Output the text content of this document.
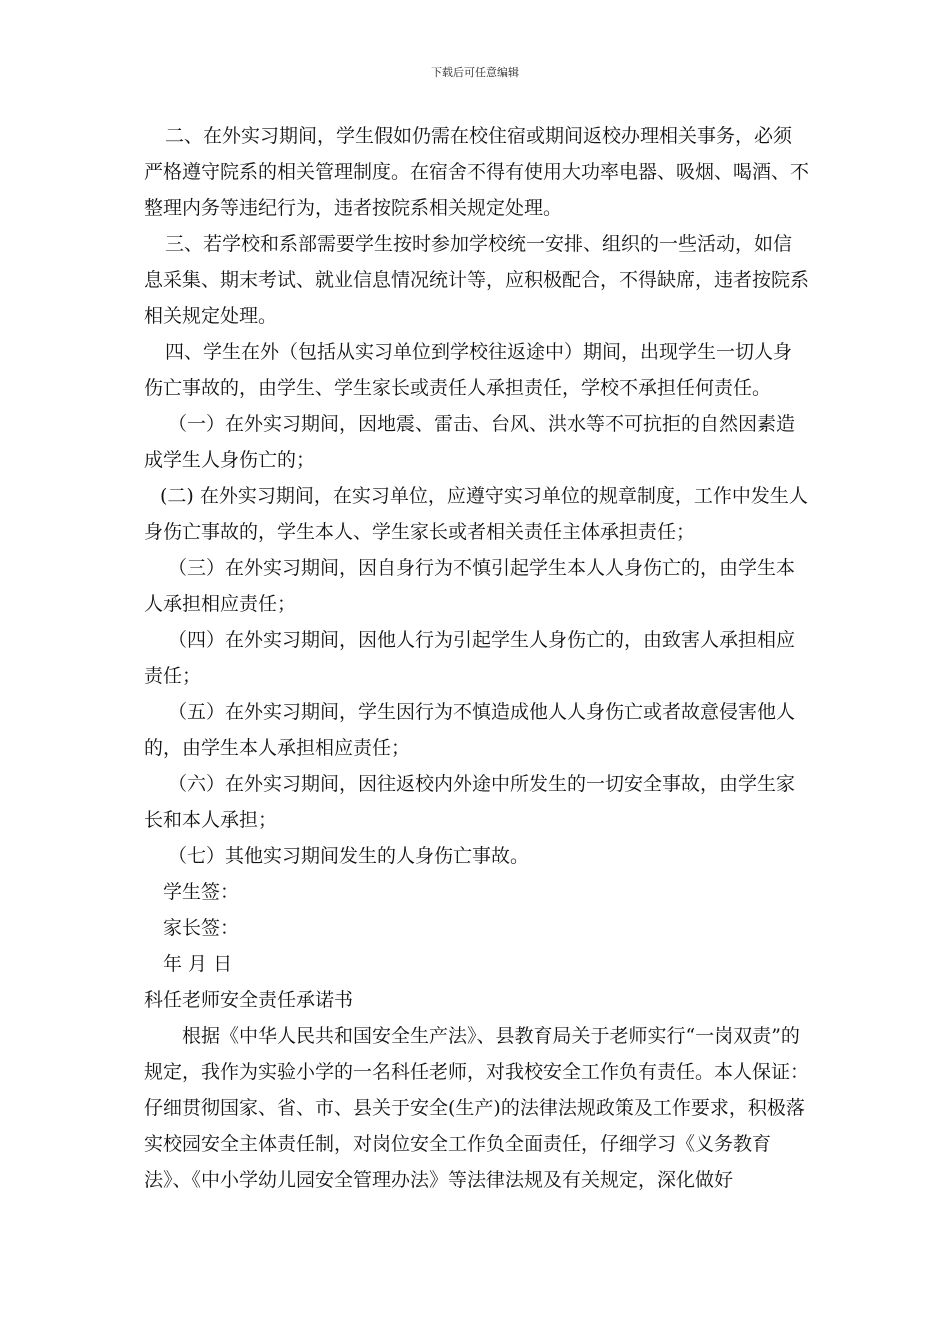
下载后可任意编辑

二、在外实习期间，学生假如仍需在校住宿或期间返校办理相关事务，必须严格遵守院系的相关管理制度。在宿舍不得有使用大功率电器、吸烟、喝酒、不整理内务等违纪行为，违者按院系相关规定处理。

三、若学校和系部需要学生按时参加学校统一安排、组织的一些活动，如信息采集、期末考试、就业信息情况统计等，应积极配合，不得缺席，违者按院系相关规定处理。

四、学生在外（包括从实习单位到学校往返途中）期间，出现学生一切人身伤亡事故的，由学生、学生家长或责任人承担责任，学校不承担任何责任。

（一）在外实习期间，因地震、雷击、台风、洪水等不可抗拒的自然因素造成学生人身伤亡的；

(二) 在外实习期间，在实习单位，应遵守实习单位的规章制度，工作中发生人身伤亡事故的，学生本人、学生家长或者相关责任主体承担责任；

（三）在外实习期间，因自身行为不慎引起学生本人人身伤亡的，由学生本人承担相应责任；

（四）在外实习期间，因他人行为引起学生人身伤亡的，由致害人承担相应责任；

（五）在外实习期间，学生因行为不慎造成他人人身伤亡或者故意侵害他人的，由学生本人承担相应责任；

（六）在外实习期间，因往返校内外途中所发生的一切安全事故，由学生家长和本人承担；

（七）其他实习期间发生的人身伤亡事故。

学生签：

家长签：

年 月 日

科任老师安全责任承诺书

根据《中华人民共和国安全生产法》、县教育局关于老师实行“一岗双责”的规定，我作为实验小学的一名科任老师，对我校安全工作负有责任。本人保证：仔细贯彻国家、省、市、县关于安全(生产)的法律法规政策及工作要求，积极落实校园安全主体责任制，对岗位安全工作负全面责任，仔细学习《义务教育法》、《中小学幼儿园安全管理办法》等法律法规及有关规定，深化做好
